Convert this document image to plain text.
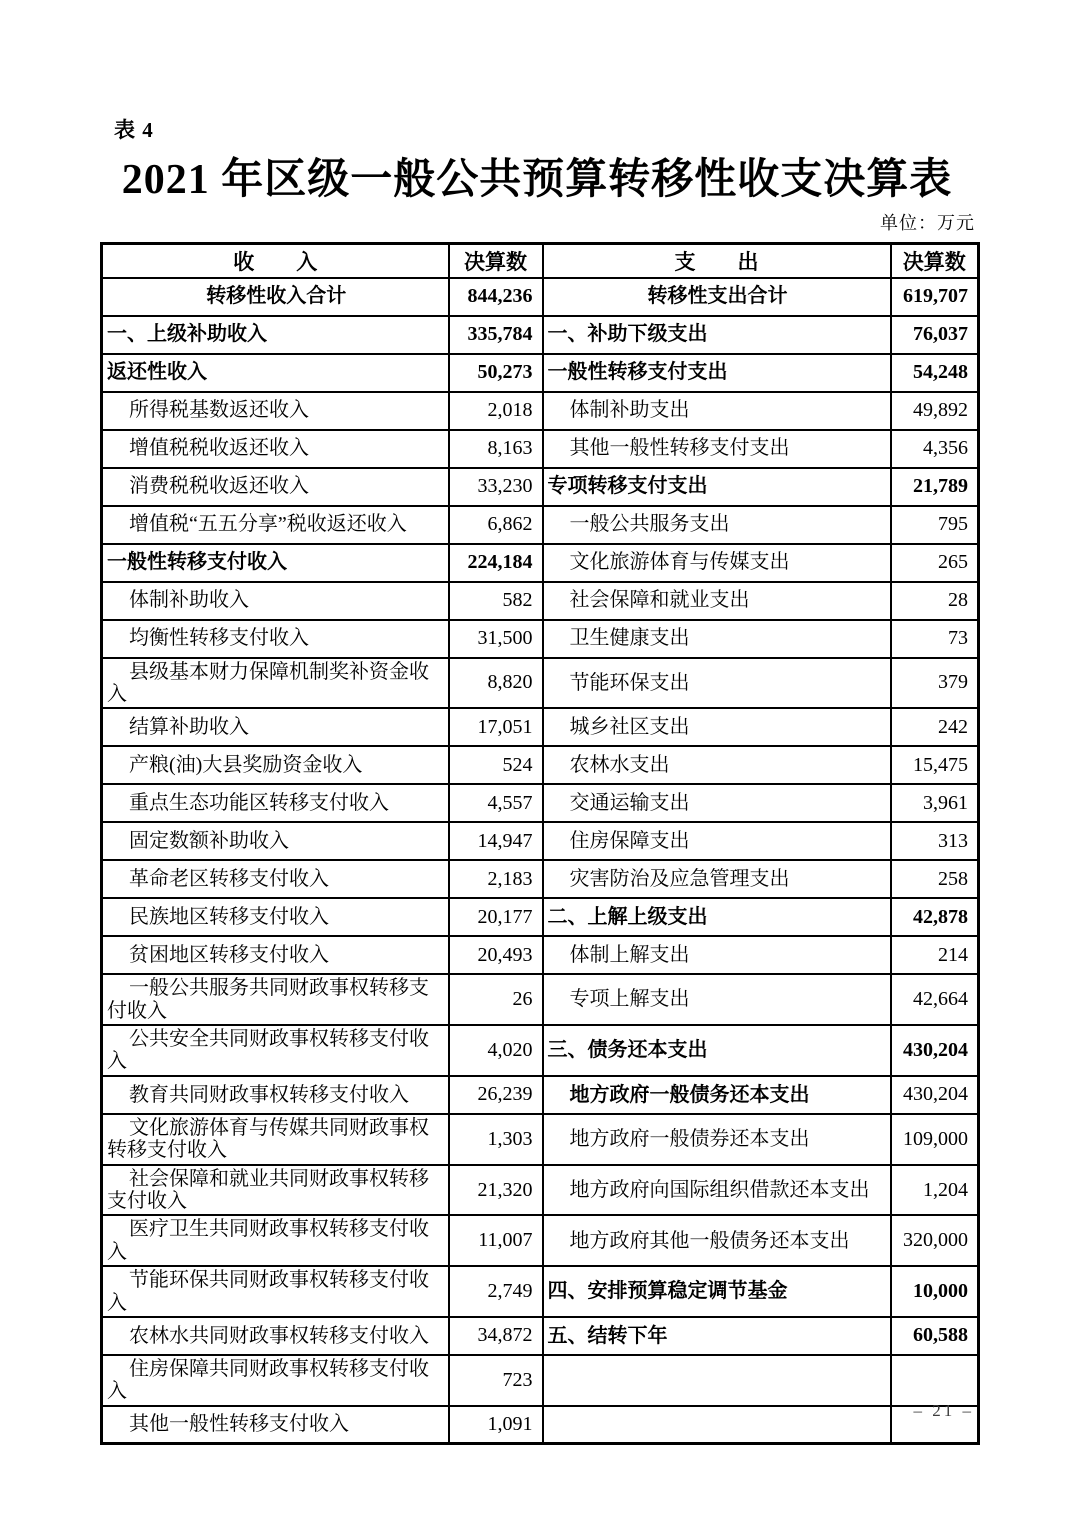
表 4
2021 年区级一般公共预算转移性收支决算表
单位：万元
收　　入	决算数	支　　出	决算数
转移性收入合计	844,236	转移性支出合计	619,707
一、上级补助收入	335,784	一、补助下级支出	76,037
返还性收入	50,273	一般性转移支付支出	54,248
所得税基数返还收入	2,018	体制补助支出	49,892
增值税税收返还收入	8,163	其他一般性转移支付支出	4,356
消费税税收返还收入	33,230	专项转移支付支出	21,789
增值税“五五分享”税收返还收入	6,862	一般公共服务支出	795
一般性转移支付收入	224,184	文化旅游体育与传媒支出	265
体制补助收入	582	社会保障和就业支出	28
均衡性转移支付收入	31,500	卫生健康支出	73
县级基本财力保障机制奖补资金收入	8,820	节能环保支出	379
结算补助收入	17,051	城乡社区支出	242
产粮(油)大县奖励资金收入	524	农林水支出	15,475
重点生态功能区转移支付收入	4,557	交通运输支出	3,961
固定数额补助收入	14,947	住房保障支出	313
革命老区转移支付收入	2,183	灾害防治及应急管理支出	258
民族地区转移支付收入	20,177	二、上解上级支出	42,878
贫困地区转移支付收入	20,493	体制上解支出	214
一般公共服务共同财政事权转移支付收入	26	专项上解支出	42,664
公共安全共同财政事权转移支付收入	4,020	三、债务还本支出	430,204
教育共同财政事权转移支付收入	26,239	地方政府一般债务还本支出	430,204
文化旅游体育与传媒共同财政事权转移支付收入	1,303	地方政府一般债券还本支出	109,000
社会保障和就业共同财政事权转移支付收入	21,320	地方政府向国际组织借款还本支出	1,204
医疗卫生共同财政事权转移支付收入	11,007	地方政府其他一般债务还本支出	320,000
节能环保共同财政事权转移支付收入	2,749	四、安排预算稳定调节基金	10,000
农林水共同财政事权转移支付收入	34,872	五、结转下年	60,588
住房保障共同财政事权转移支付收入	723		
其他一般性转移支付收入	1,091		
– 21 –
